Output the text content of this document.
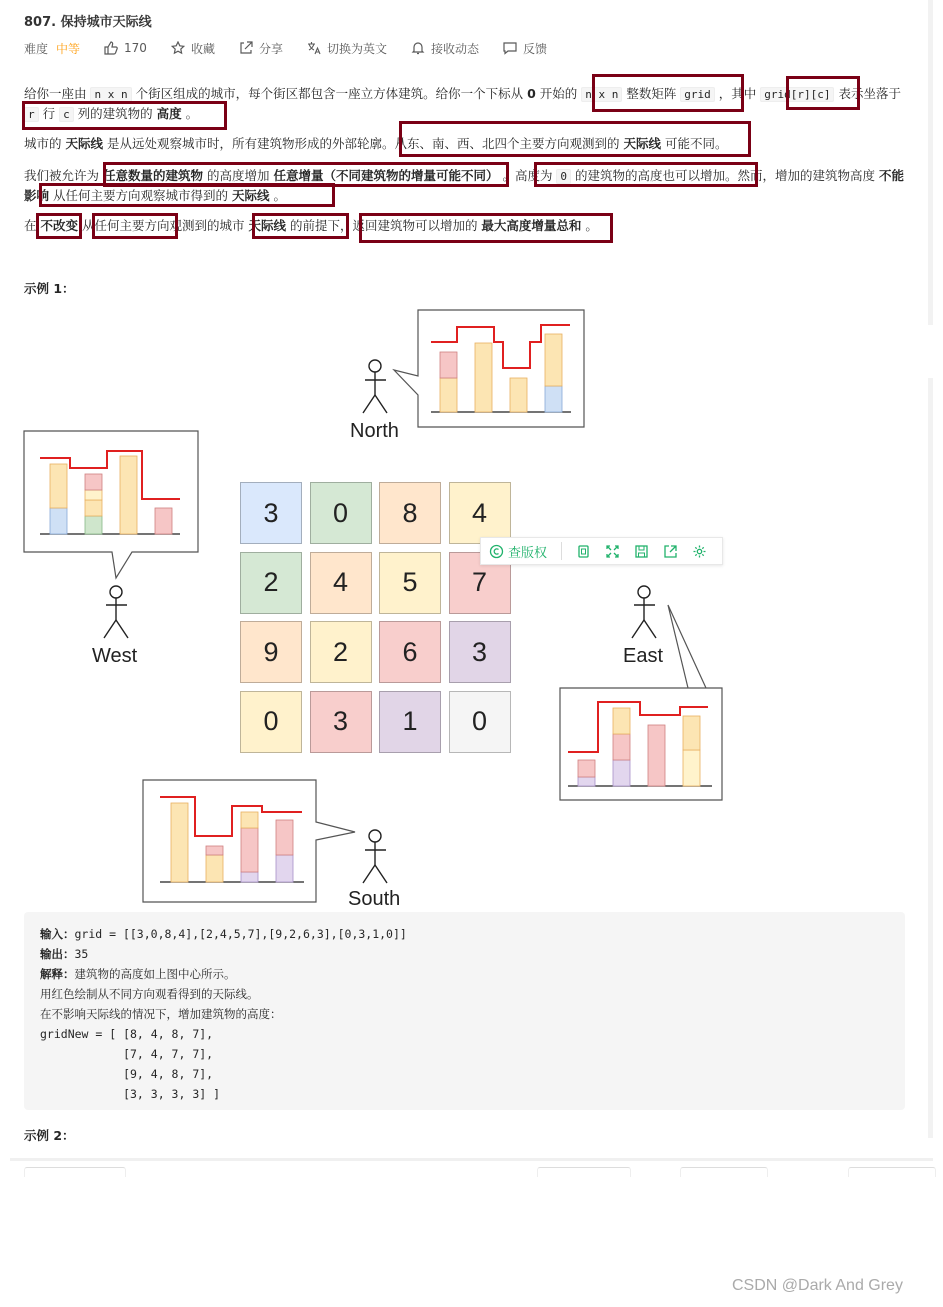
807. 保持城市天际线
难度 中等	170	收藏	分享	切换为英文	接收动态	反馈
给你一座由 n x n 个街区组成的城市，每个街区都包含一座立方体建筑。给你一个下标从 0 开始的 n x n 整数矩阵 grid ，其中 grid[r][c] 表示坐落于 r 行 c 列的建筑物的 高度 。
城市的 天际线 是从远处观察城市时，所有建筑物形成的外部轮廓。从东、南、西、北四个主要方向观测到的 天际线 可能不同。
我们被允许为 任意数量的建筑物 的高度增加 任意增量（不同建筑物的增量可能不同） 。高度为 0 的建筑物的高度也可以增加。然而，增加的建筑物高度 不能影响 从任何主要方向观察城市得到的 天际线 。
在 不改变 从任何主要方向观测到的城市 天际线 的前提下，返回建筑物可以增加的 最大高度增量总和 。
示例 1：
North
West	East
South
3	0	8	4
2	4	5	7
9	2	6	3
0	3	1	0
查版权
输入：grid = [[3,0,8,4],[2,4,5,7],[9,2,6,3],[0,3,1,0]]
输出：35
解释：建筑物的高度如上图中心所示。
用红色绘制从不同方向观看得到的天际线。
在不影响天际线的情况下，增加建筑物的高度：
gridNew = [ [8, 4, 8, 7],
[7, 4, 7, 7],
[9, 4, 8, 7],
[3, 3, 3, 3] ]
示例 2：
CSDN @Dark And Grey
